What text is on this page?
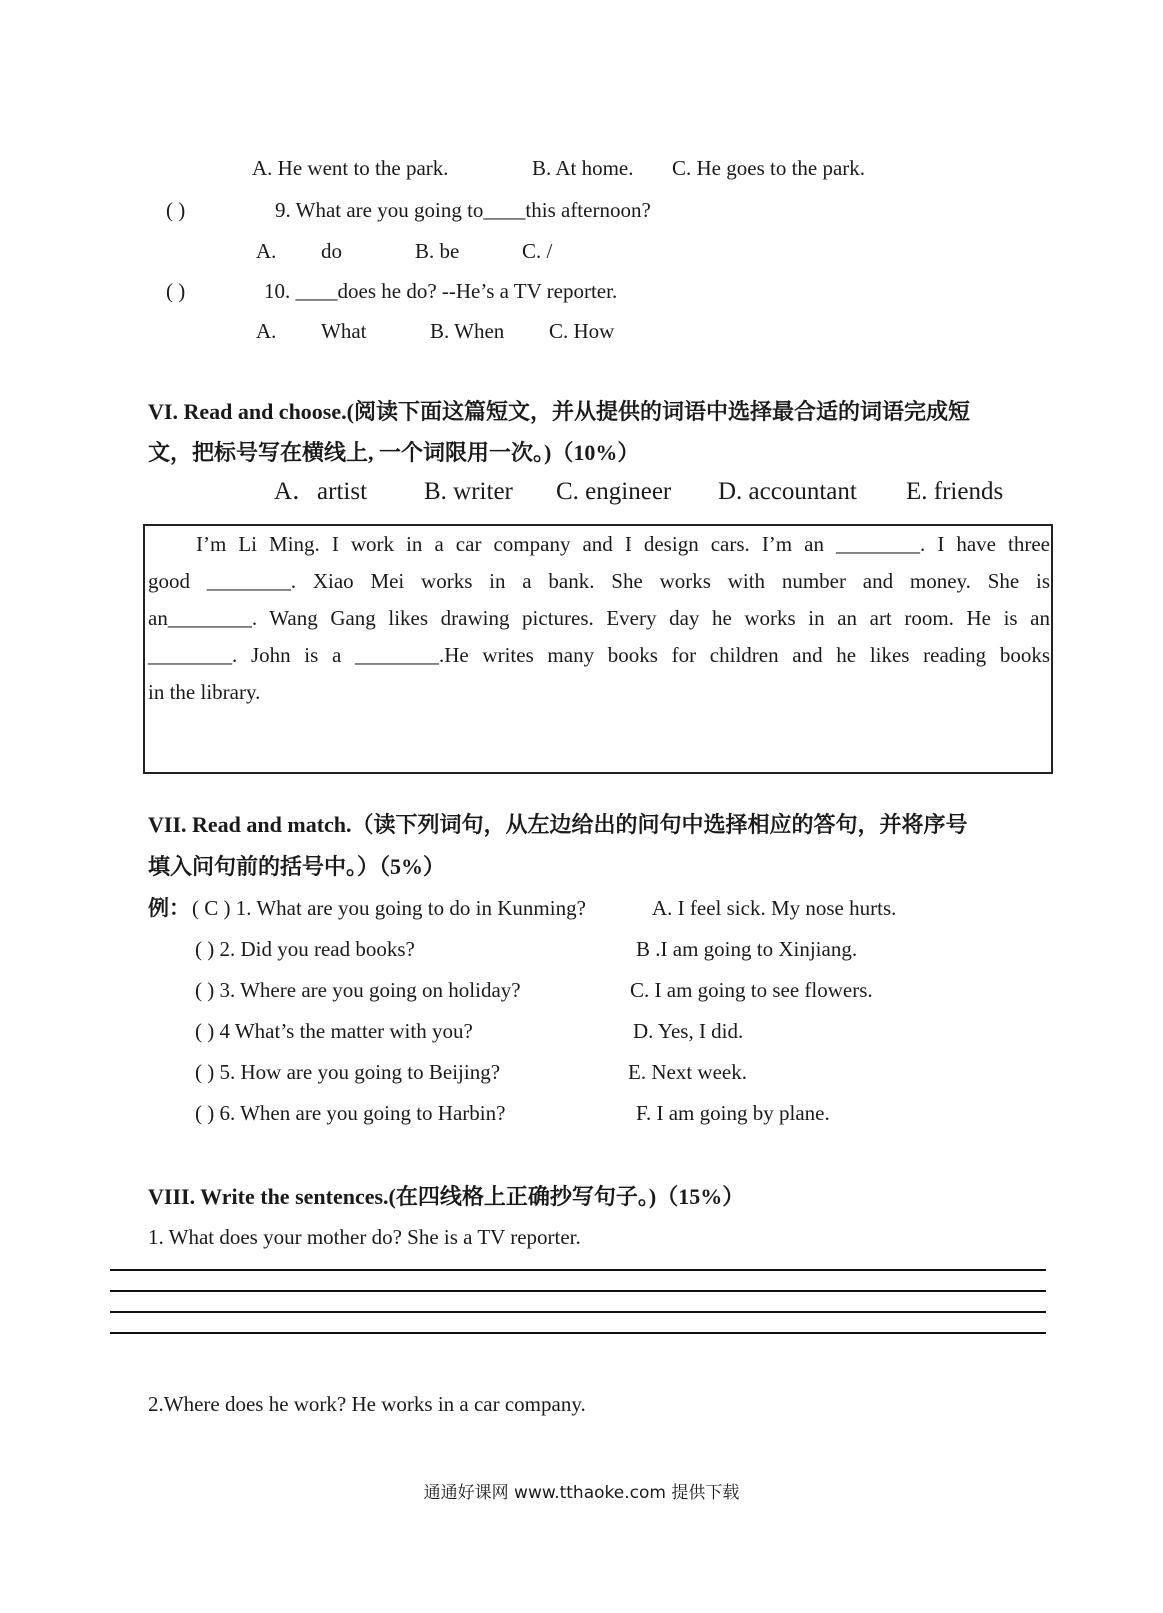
A. He went to the park.	B. At home. C. He goes to the park.
( )	9. What are you going to____this afternoon?
A. do	B. be	C. /
( )	10. ____does he do? --He’s a TV reporter.
A. What	B. When C. How
VI. Read and choose.(阅读下面这篇短文，并从提供的词语中选择最合适的词语完成短
文，把标号写在横线上, 一个词限用一次。)（10%）
A．artist B. writer C. engineer D. accountant E. friends
I’m Li Ming. I work in a car company and I design cars. I’m an ________. I have three
good ________. Xiao Mei works in a bank. She works with number and money. She is
an________. Wang Gang likes drawing pictures. Every day he works in an art room. He is an
________. John is a ________.He writes many books for children and he likes reading books
in the library.
VII. Read and match.（读下列词句，从左边给出的问句中选择相应的答句，并将序号
填入问句前的括号中。）（5%）
例： ( C ) 1. What are you going to do in Kunming?	A. I feel sick. My nose hurts.
( ) 2. Did you read books?	B .I am going to Xinjiang.
( ) 3. Where are you going on holiday?	C. I am going to see flowers.
( ) 4 What’s the matter with you?	D. Yes, I did.
( ) 5. How are you going to Beijing?	E. Next week.
( ) 6. When are you going to Harbin?	F. I am going by plane.
VIII. Write the sentences.(在四线格上正确抄写句子。)（15%）
1. What does your mother do? She is a TV reporter.
2.Where does he work? He works in a car company.
通通好课网 www.tthaoke.com 提供下载
